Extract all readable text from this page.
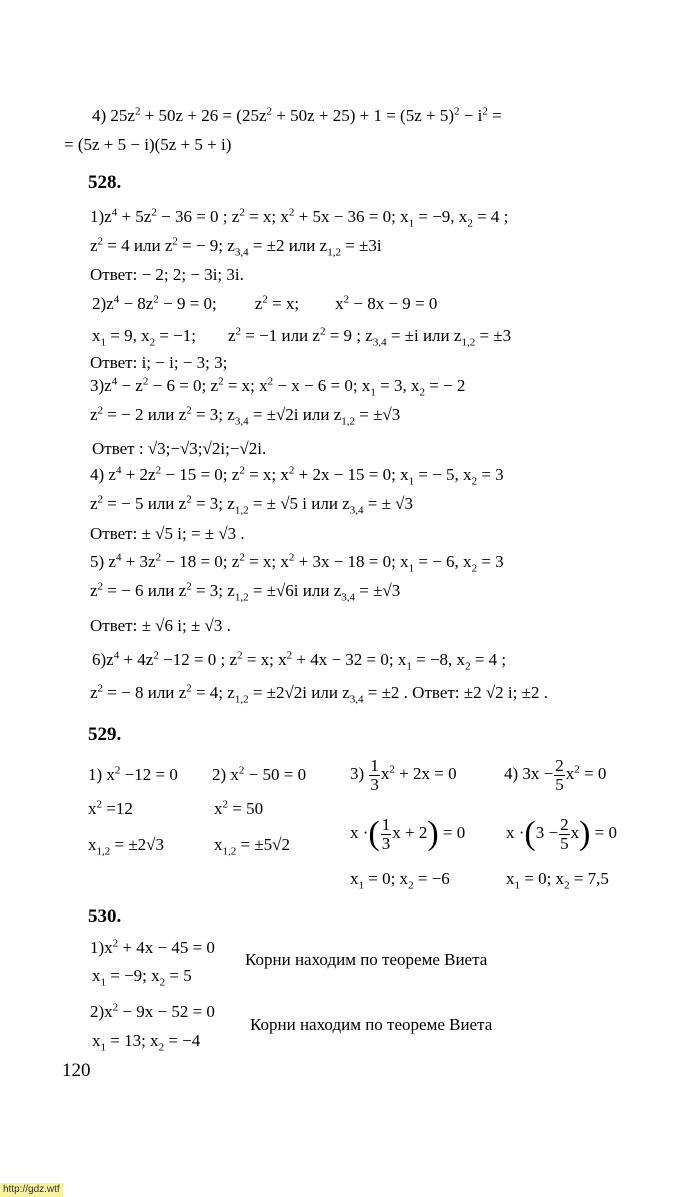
4) $25z^2 + 50z + 26 = (25z^2 + 50z + 25) + 1 = (5z + 5)^2 - i^2$ =
= (5z + 5 − i)(5z + 5 + i)
528.
$1)z^4 + 5z^2 - 36 = 0$ ; $z^2 = x$; $x^2 + 5x - 36 = 0$; $x_1 = -9$, $x_2 = 4$ ;
$z^2 = 4$ или $z^2$ = − 9; $z_{3,4} = \pm 2$ или $z_{1,2} = \pm 3i$
Ответ: − 2; 2; − 3i; 3i.
$2)z^4 - 8z^2 - 9 = 0$; $z^2 = x$; $x^2 - 8x - 9 = 0$
$x_1 = 9$, $x_2 = -1$; $z^2 = -1$ или $z^2 = 9$ ; $z_{3,4} = \pm i$ или $z_{1,2} = \pm 3$
Ответ: i; − i; − 3; 3;
$3)z^4 - z^2 - 6 = 0$; $z^2 = x$; $x^2 - x - 6 = 0$; $x_1 = 3$, $x_2$ = − 2
$z^2$ = − 2 или $z^2 = 3$; $z_{3,4} = \pm√2i$ или $z_{1,2} = \pm√3$
Ответ : √3;−√3;√2i;−√2i.
4) $z^4 + 2z^2 - 15 = 0$; $z^2 = x$; $x^2 + 2x - 15 = 0$; $x_1$ = − 5, $x_2 = 3$
$z^2$ = − 5 или $z^2 = 3$; $z_{1,2}$ = ± √5 i или $z_{3,4}$ = ± √3
Ответ: ± √5 i; = ± √3 .
5) $z^4 + 3z^2 - 18 = 0$; $z^2 = x$; $x^2 + 3x - 18 = 0$; $x_1$ = − 6, $x_2 = 3$
$z^2$ = − 6 или $z^2 = 3$; $z_{1,2} = \pm√6i$ или $z_{3,4} = \pm√3$
Ответ: ± √6 i; ± √3 .
$6)z^4 + 4z^2 -12 = 0$ ; $z^2 = x$; $x^2 + 4x - 32 = 0$; $x_1 = -8$, $x_2 = 4$ ;
$z^2$ = − 8 или $z^2 = 4$; $z_{1,2} = \pm 2√2i$ или $z_{3,4} = \pm 2$ . Ответ: ±2 √2 i; ±2 .
529.
1) $x^2 -12 = 0$
$x^2 =12$
$x_{1,2} = \pm 2√3$
2) $x^2 - 50 = 0$
$x^2 = 50$
$x_{1,2} = \pm 5√2$
$3) \frac{1}{3} x^2 + 2x = 0$
x ·( $\frac{1}{3}$ x + 2) = 0
$x_1 = 0$; $x_2 = -6$
4) $3x - \frac{2}{5} x^2 = 0$
$x \cdot(3 - \frac{2}{5} x) = 0$
$x_1 = 0$; $x_2 = 7,5$
530.
$1)x^2 + 4x - 45 = 0$
$x_1 = -9$; $x_2 = 5$
Корни находим по теореме Виета
$2)x^2 - 9x - 52 = 0$
$x_1 = 13$; $x_2 = -4$
Корни находим по теореме Виета
120
http://gdz.wtf
